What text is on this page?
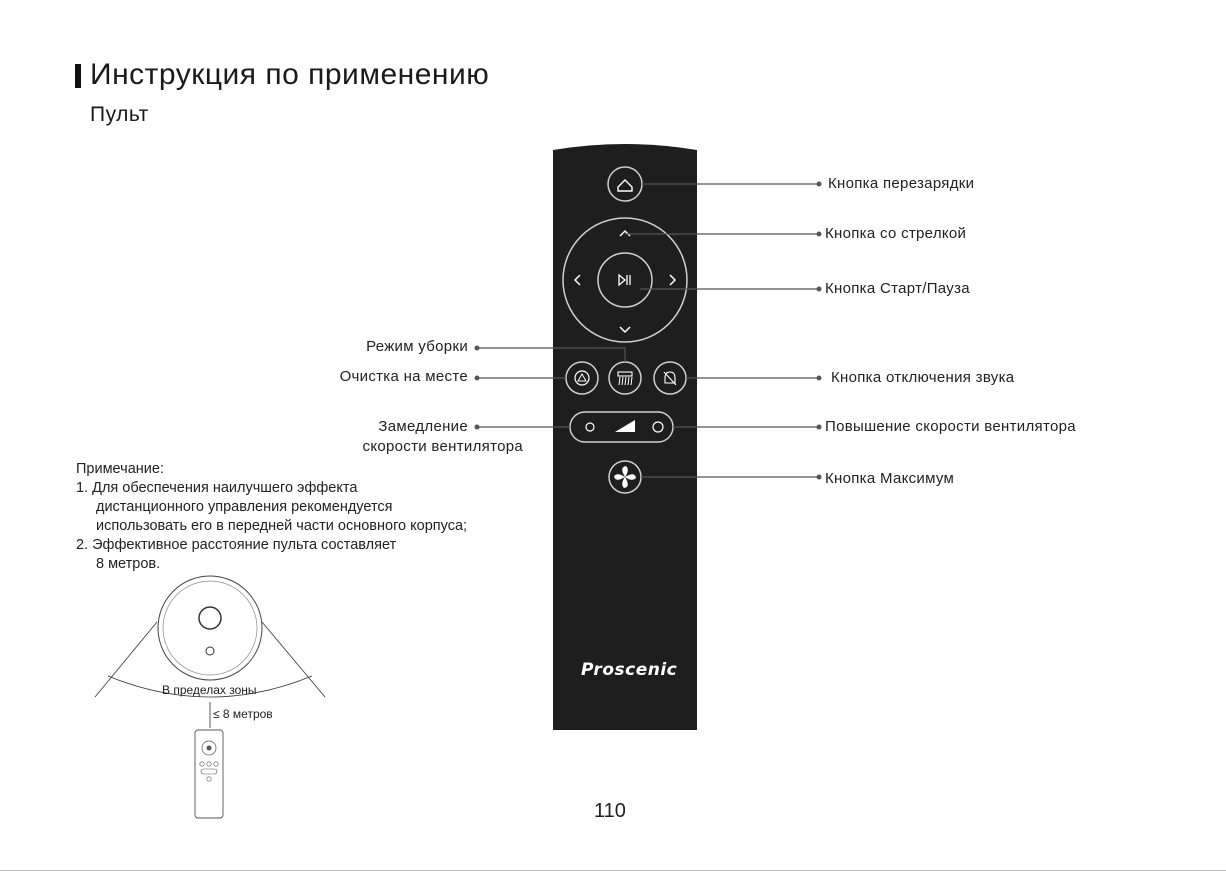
Инструкция по применению
Пульт
Кнопка перезарядки
Кнопка со стрелкой
Кнопка Старт/Пауза
Кнопка отключения звука
Повышение скорости вентилятора
Кнопка Максимум
Режим уборки
Очистка на месте
Замедление
скорости вентилятора
Proscenic
Примечание:
1. Для обеспечения наилучшего эффекта
дистанционного управления рекомендуется
использовать его в передней части основного корпуса;
2. Эффективное расстояние пульта составляет
8 метров.
В пределах зоны
≤ 8 метров
110
